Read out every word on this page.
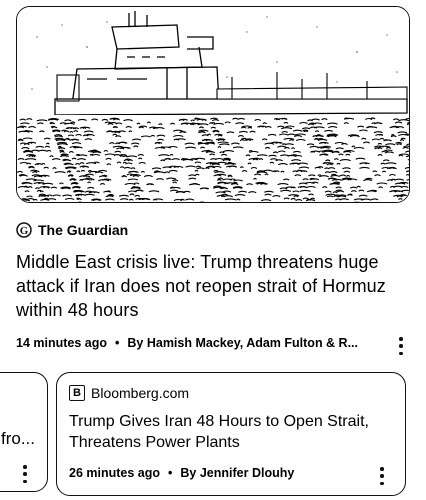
G The Guardian
Middle East crisis live: Trump threatens huge attack if Iran does not reopen strait of Hormuz within 48 hours
14 minutes ago • By Hamish Mackey, Adam Fulton & R...
fro...
B Bloomberg.com
Trump Gives Iran 48 Hours to Open Strait, Threatens Power Plants
26 minutes ago • By Jennifer Dlouhy
